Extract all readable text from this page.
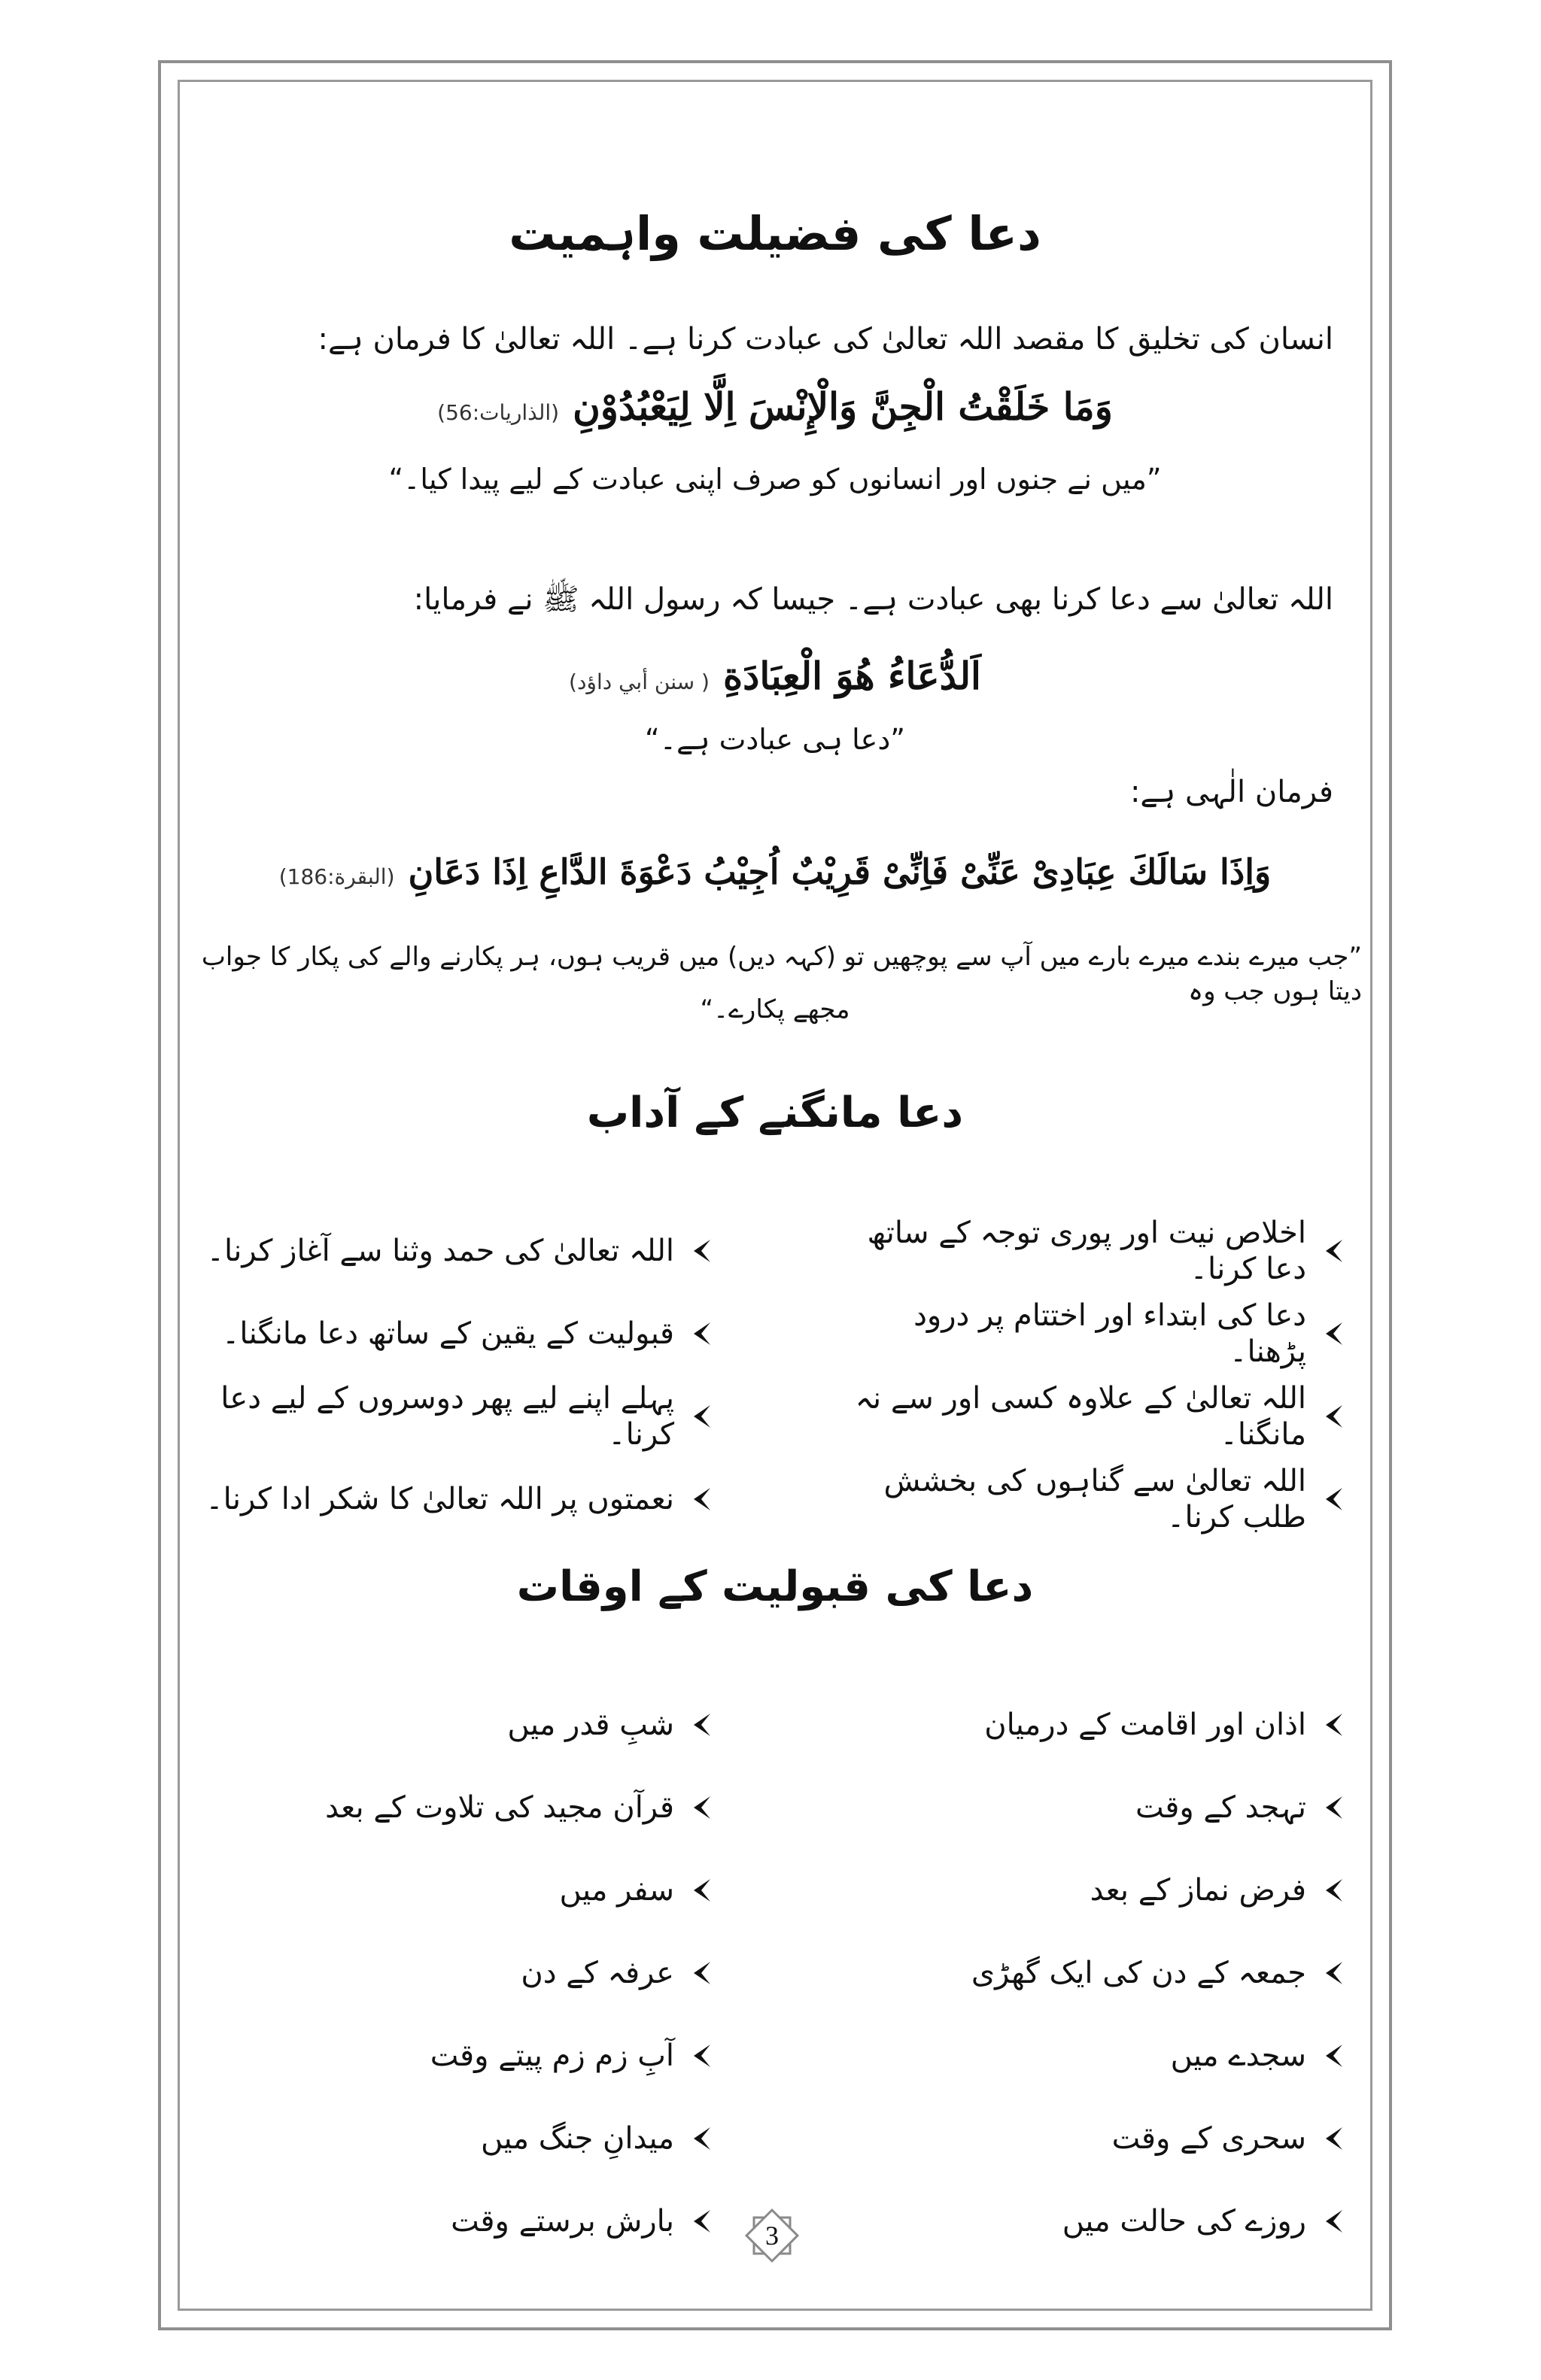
دعا کی فضیلت واہمیت
انسان کی تخلیق کا مقصد اللہ تعالیٰ کی عبادت کرنا ہے۔ اللہ تعالیٰ کا فرمان ہے:
وَمَا خَلَقْتُ الْجِنَّ وَالْإِنْسَ اِلَّا لِيَعْبُدُوْنِ(الذاريات:56)
”میں نے جنوں اور انسانوں کو صرف اپنی عبادت کے لیے پیدا کیا۔“
اللہ تعالیٰ سے دعا کرنا بھی عبادت ہے۔ جیسا کہ رسول اللہ ﷺ نے فرمایا:
اَلدُّعَاءُ هُوَ الْعِبَادَةِ( سنن أبي داؤد)
”دعا ہی عبادت ہے۔“
فرمان الٰہی ہے:
وَاِذَا سَالَكَ عِبَادِىْ عَنِّىْ فَاِنِّىْ قَرِيْبٌ اُجِيْبُ دَعْوَةَ الدَّاعِ اِذَا دَعَانِ(البقرة:186)
”جب میرے بندے میرے بارے میں آپ سے پوچھیں تو (کہہ دیں) میں قریب ہوں، ہر پکارنے والے کی پکار کا جواب دیتا ہوں جب وہ
مجھے پکارے۔“
دعا مانگنے کے آداب
اخلاص نیت اور پوری توجہ کے ساتھ دعا کرنا۔
دعا کی ابتداء اور اختتام پر درود پڑھنا۔
اللہ تعالیٰ کے علاوہ کسی اور سے نہ مانگنا۔
اللہ تعالیٰ سے گناہوں کی بخشش طلب کرنا۔
اللہ تعالیٰ کی حمد وثنا سے آغاز کرنا۔
قبولیت کے یقین کے ساتھ دعا مانگنا۔
پہلے اپنے لیے پھر دوسروں کے لیے دعا کرنا۔
نعمتوں پر اللہ تعالیٰ کا شکر ادا کرنا۔
دعا کی قبولیت کے اوقات
اذان اور اقامت کے درمیان
تہجد کے وقت
فرض نماز کے بعد
جمعہ کے دن کی ایک گھڑی
سجدے میں
سحری کے وقت
روزے کی حالت میں
شبِ قدر میں
قرآن مجید کی تلاوت کے بعد
سفر میں
عرفہ کے دن
آبِ زم زم پیتے وقت
میدانِ جنگ میں
بارش برستے وقت	3
